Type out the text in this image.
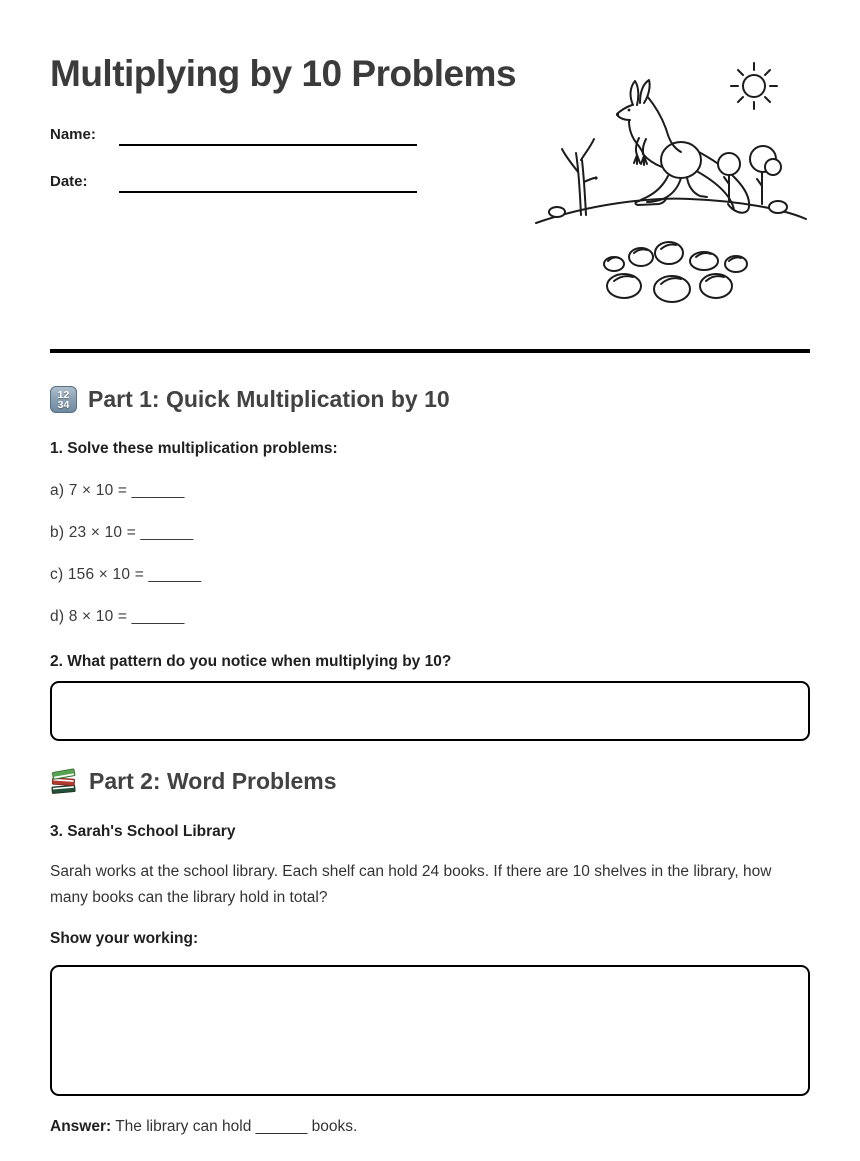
Multiplying by 10 Problems
Name:
Date:
12
34 Part 1: Quick Multiplication by 10

1. Solve these multiplication problems:

a) 7 × 10 = ______

b) 23 × 10 = ______

c) 156 × 10 = ______

d) 8 × 10 = ______

2. What pattern do you notice when multiplying by 10?

Part 2: Word Problems

3. Sarah's School Library

Sarah works at the school library. Each shelf can hold 24 books. If there are 10 shelves in the library, how many books can the library hold in total?

Show your working:

Answer: The library can hold ______ books.
